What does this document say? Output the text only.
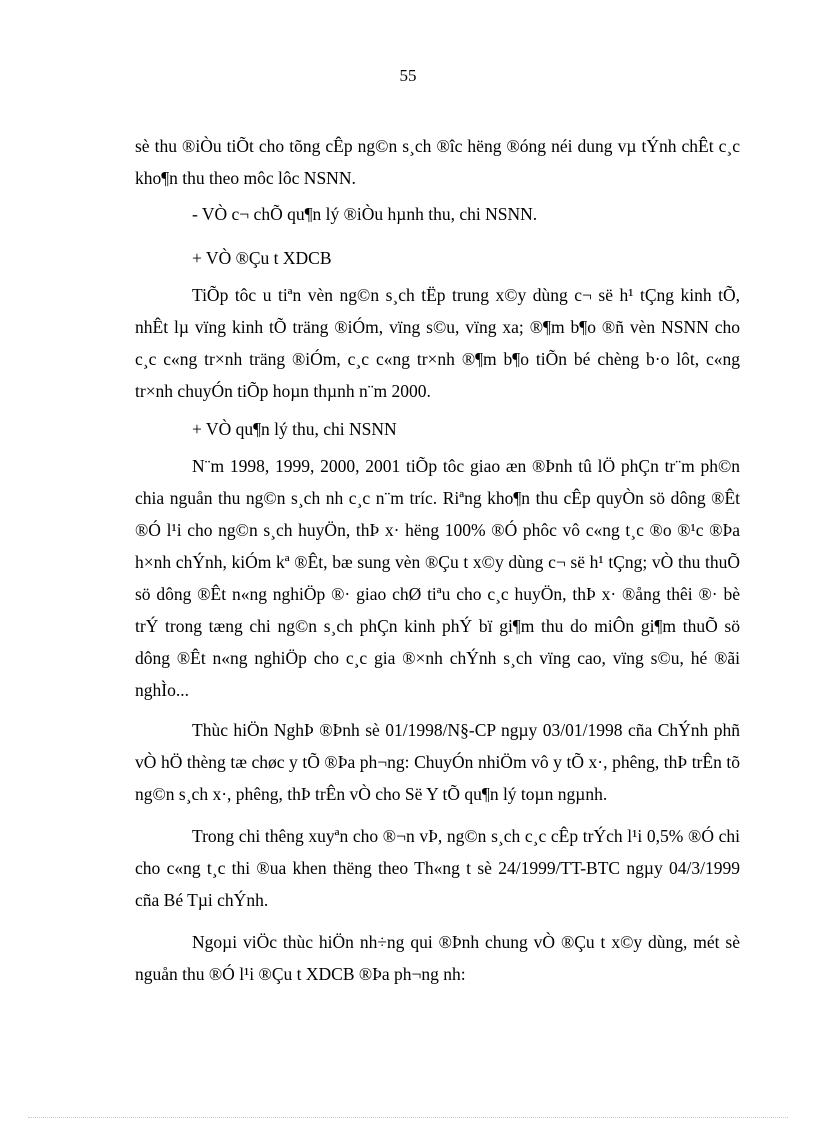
55

sè thu ®iÒu tiÕt cho tõng cÊp ng©n s¸ch ®îc hëng ®óng néi dung vµ tÝnh chÊt c¸c kho¶n thu theo môc lôc NSNN.

- VÒ c¬ chÕ qu¶n lý ®iÒu hµnh thu, chi NSNN.

+ VÒ ®Çu t XDCB

TiÕp tôc u tiªn vèn ng©n s¸ch tËp trung x©y dùng c¬ së h¹ tÇng kinh tÕ, nhÊt lµ vïng kinh tÕ träng ®iÓm, vïng s©u, vïng xa; ®¶m b¶o ®ñ vèn NSNN cho c¸c c«ng tr×nh träng ®iÓm, c¸c c«ng tr×nh ®¶m b¶o tiÕn bé chèng b·o lôt, c«ng tr×nh chuyÓn tiÕp hoµn thµnh n¨m 2000.

+ VÒ qu¶n lý thu, chi NSNN

N¨m 1998, 1999, 2000, 2001 tiÕp tôc giao æn ®Þnh tû lÖ phÇn tr¨m ph©n chia nguån thu ng©n s¸ch nh c¸c n¨m tríc. Riªng kho¶n thu cÊp quyÒn sö dông ®Êt ®Ó l¹i cho ng©n s¸ch huyÖn, thÞ x· hëng 100% ®Ó phôc vô c«ng t¸c ®o ®¹c ®Þa h×nh chÝnh, kiÓm kª ®Êt, bæ sung vèn ®Çu t x©y dùng c¬ së h¹ tÇng; vÒ thu thuÕ sö dông ®Êt n«ng nghiÖp ®· giao chØ tiªu cho c¸c huyÖn, thÞ x· ®ång thêi ®· bè trÝ trong tæng chi ng©n s¸ch phÇn kinh phÝ bï gi¶m thu do miÔn gi¶m thuÕ sö dông ®Êt n«ng nghiÖp cho c¸c gia ®×nh chÝnh s¸ch vïng cao, vïng s©u, hé ®ãi nghÌo...

Thùc hiÖn NghÞ ®Þnh sè 01/1998/N§-CP ngµy 03/01/1998 cña ChÝnh phñ vÒ hÖ thèng tæ chøc y tÕ ®Þa ph¬ng: ChuyÓn nhiÖm vô y tÕ x·, phêng, thÞ trÊn tõ ng©n s¸ch x·, phêng, thÞ trÊn vÒ cho Së Y tÕ qu¶n lý toµn ngµnh.

Trong chi thêng xuyªn cho ®¬n vÞ, ng©n s¸ch c¸c cÊp trÝch l¹i 0,5% ®Ó chi cho c«ng t¸c thi ®ua khen thëng theo Th«ng t sè 24/1999/TT-BTC ngµy 04/3/1999 cña Bé Tµi chÝnh.

Ngoµi viÖc thùc hiÖn nh÷ng qui ®Þnh chung vÒ ®Çu t x©y dùng, mét sè nguån thu ®Ó l¹i ®Çu t XDCB ®Þa ph¬ng nh:
